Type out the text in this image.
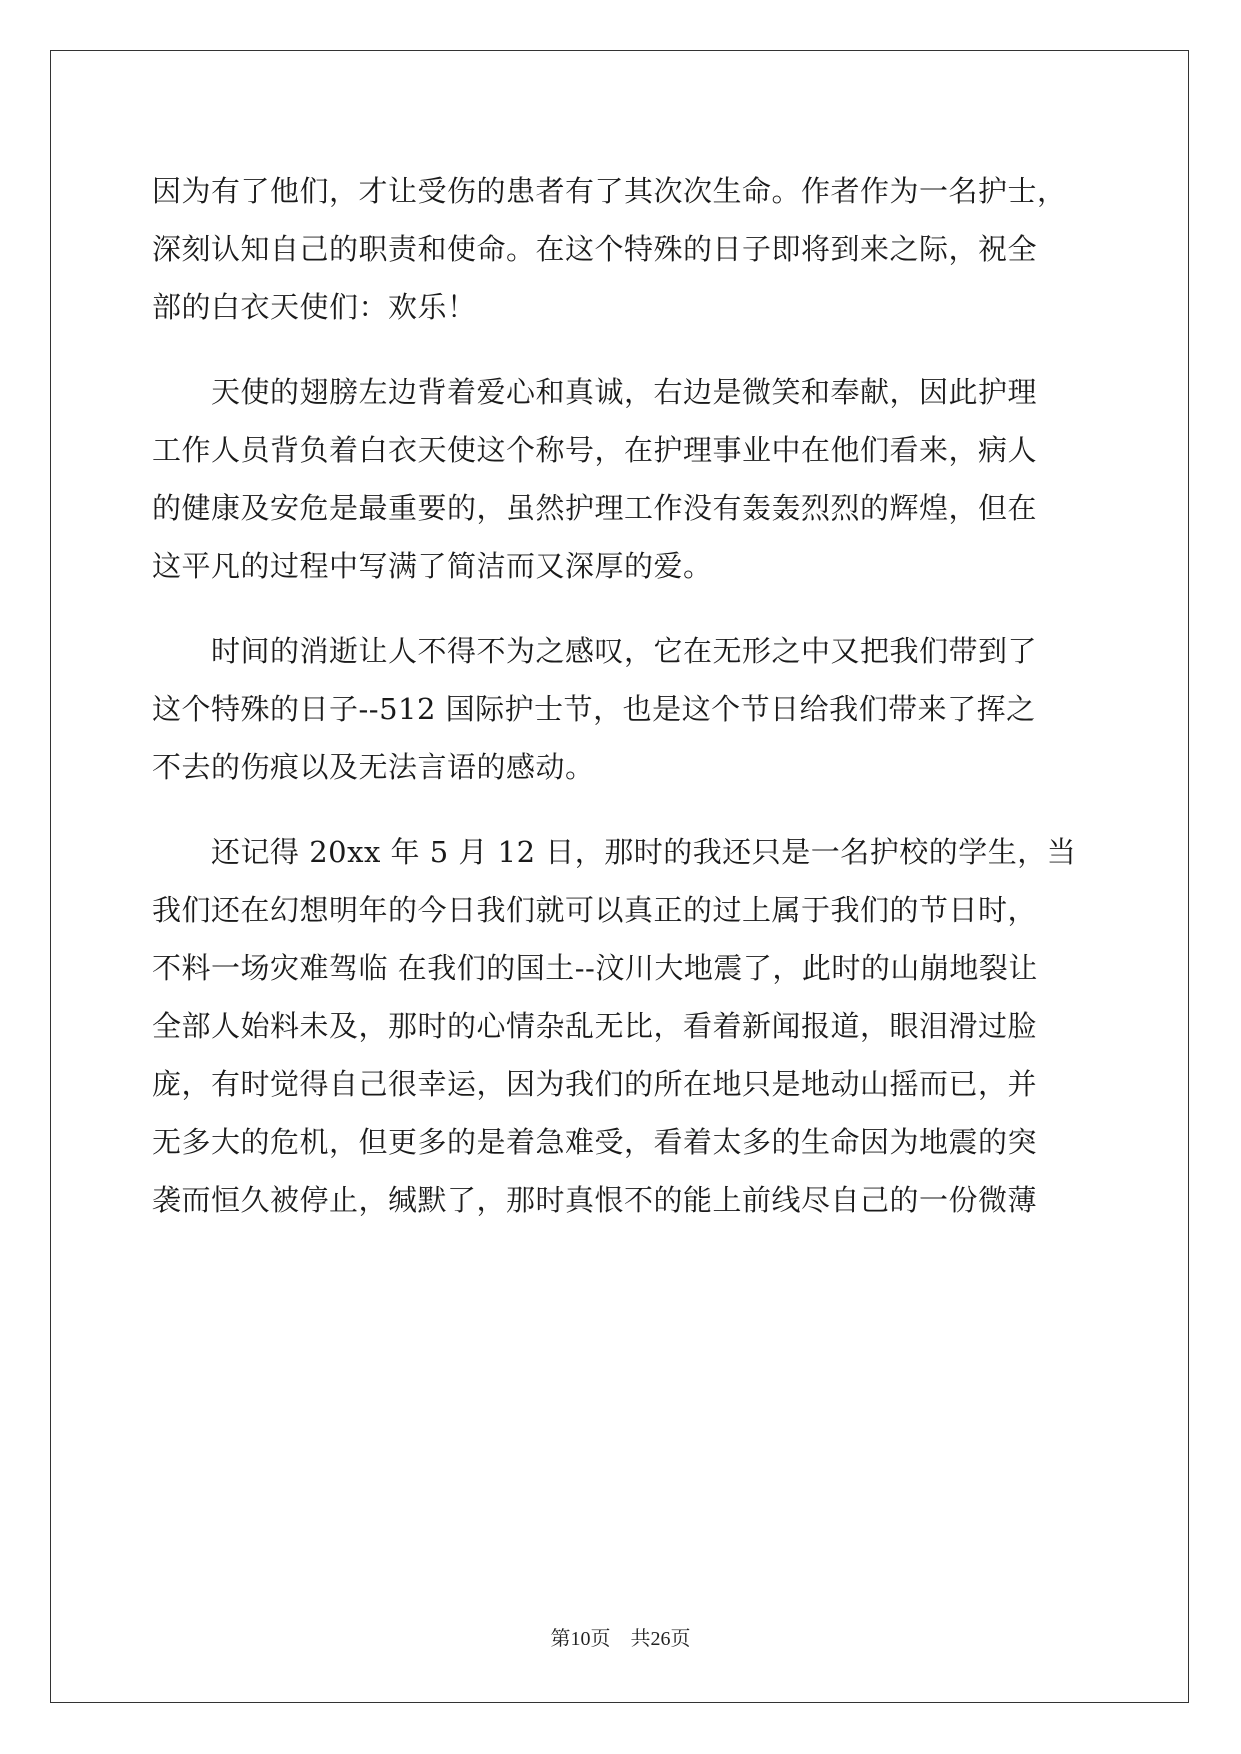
因为有了他们，才让受伤的患者有了其次次生命。作者作为一名护士，
深刻认知自己的职责和使命。在这个特殊的日子即将到来之际，祝全
部的白衣天使们：欢乐！
　　天使的翅膀左边背着爱心和真诚，右边是微笑和奉献，因此护理
工作人员背负着白衣天使这个称号，在护理事业中在他们看来，病人
的健康及安危是最重要的，虽然护理工作没有轰轰烈烈的辉煌，但在
这平凡的过程中写满了简洁而又深厚的爱。
　　时间的消逝让人不得不为之感叹，它在无形之中又把我们带到了
这个特殊的日子--512 国际护士节，也是这个节日给我们带来了挥之
不去的伤痕以及无法言语的感动。
　　还记得 20xx 年 5 月 12 日，那时的我还只是一名护校的学生，当
我们还在幻想明年的今日我们就可以真正的过上属于我们的节日时，
不料一场灾难驾临 在我们的国土--汶川大地震了，此时的山崩地裂让
全部人始料未及，那时的心情杂乱无比，看着新闻报道，眼泪滑过脸
庞，有时觉得自己很幸运，因为我们的所在地只是地动山摇而已，并
无多大的危机，但更多的是着急难受，看着太多的生命因为地震的突
袭而恒久被停止，缄默了，那时真恨不的能上前线尽自己的一份微薄
第10页　共26页
